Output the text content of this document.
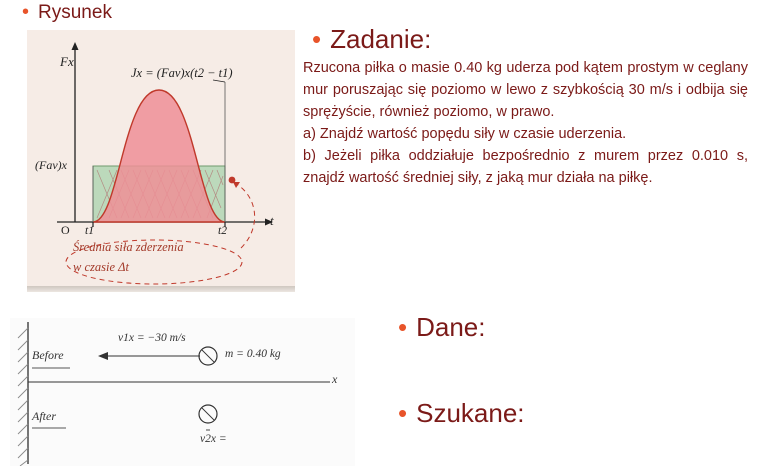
• Rysunek
• Zadanie:

Rzucona piłka o masie 0.40 kg uderza pod kątem prostym w ceglany mur poruszając się poziomo w lewo z szybkością 30 m/s i odbija się sprężyście, również poziomo, w prawo.

a) Znajdź wartość popędu siły w czasie uderzenia.

b) Jeżeli piłka oddziałuje bezpośrednio z murem przez 0.010 s, znajdź wartość średniej siły, z jaką mur działa na piłkę.

• Dane:
• Szukane:
Fx
t
O
Jx = (Fav)x(t2 − t1)
(Fav)x
t1	t2
Średnia siła zderzenia
w czasie Δt
Before
After
v1x = −30 m/s
m = 0.40 kg
x
v2x =
